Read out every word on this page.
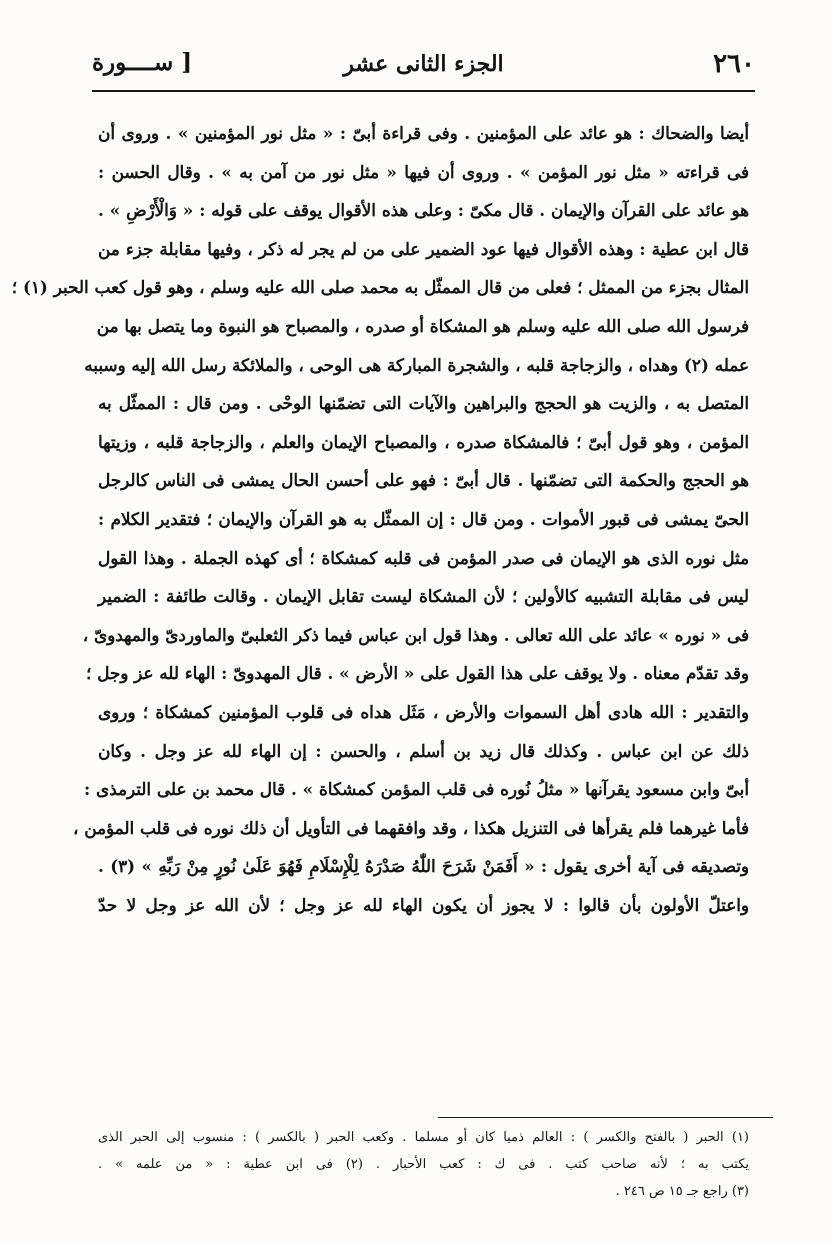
٢٦٠
الجزء الثانى عشر
[ ســــورة
أيضا والضحاك : هو عائد على المؤمنين . وفى قراءة أبىّ : « مثل نور المؤمنين » . وروى أن
فى قراءته « مثل نور المؤمن » . وروى أن فيها « مثل نور من آمن به » . وقال الحسن :
هو عائد على القرآن والإيمان . قال مكىّ : وعلى هذه الأقوال يوقف على قوله : « وَالْأَرْضِ » .
قال ابن عطية : وهذه الأقوال فيها عود الضمير على من لم يجر له ذكر ، وفيها مقابلة جزء من
المثال بجزء من الممثل ؛ فعلى من قال الممثّل به محمد صلى الله عليه وسلم ، وهو قول كعب الحبر (١) ؛
فرسول الله صلى الله عليه وسلم هو المشكاة أو صدره ، والمصباح هو النبوة وما يتصل بها من
عمله (٢) وهداه ، والزجاجة قلبه ، والشجرة المباركة هى الوحى ، والملائكة رسل الله إليه وسببه
المتصل به ، والزيت هو الحجج والبراهين والآيات التى تضمّنها الوحْى . ومن قال : الممثّل به
المؤمن ، وهو قول أبىّ ؛ فالمشكاة صدره ، والمصباح الإيمان والعلم ، والزجاجة قلبه ، وزيتها
هو الحجج والحكمة التى تضمّنها . قال أبىّ : فهو على أحسن الحال يمشى فى الناس كالرجل
الحىّ يمشى فى قبور الأموات . ومن قال : إن الممثّل به هو القرآن والإيمان ؛ فتقدير الكلام :
مثل نوره الذى هو الإيمان فى صدر المؤمن فى قلبه كمشكاة ؛ أى كهذه الجملة . وهذا القول
ليس فى مقابلة التشبيه كالأولين ؛ لأن المشكاة ليست تقابل الإيمان . وقالت طائفة : الضمير
فى « نوره » عائد على الله تعالى . وهذا قول ابن عباس فيما ذكر الثعلبىّ والماوردىّ والمهدوىّ ،
وقد تقدّم معناه . ولا يوقف على هذا القول على « الأرض » . قال المهدوىّ : الهاء لله عز وجل ؛
والتقدير : الله هادى أهل السموات والأرض ، مَثَل هداه فى قلوب المؤمنين كمشكاة ؛ وروى
ذلك عن ابن عباس . وكذلك قال زيد بن أسلم ، والحسن : إن الهاء لله عز وجل . وكان
أبىّ وابن مسعود يقرآنها « مثلُ نُوره فى قلب المؤمن كمشكاة » . قال محمد بن على الترمذى :
فأما غيرهما فلم يقرأها فى التنزيل هكذا ، وقد وافقهما فى التأويل أن ذلك نوره فى قلب المؤمن ،
وتصديقه فى آية أخرى يقول : « أَفَمَنْ شَرَحَ اللّٰهُ صَدْرَهُ لِلْإِسْلَامِ فَهُوَ عَلَىٰ نُورٍ مِنْ رَبِّهِ » (٣) .
واعتلّ الأولون بأن قالوا : لا يجوز أن يكون الهاء لله عز وجل ؛ لأن الله عز وجل لا حدّ
(١) الحبر ( بالفتح والكسر ) : العالم ذميا كان أو مسلما . وكعب الحبر ( بالكسر ) : منسوب إلى الحبر الذى
يكتب به ؛ لأنه صاحب كتب . فى ك : كعب الأحبار . (٢) فى ابن عطية : « من علمه » .
(٣) راجع جـ ١٥ ص ٢٤٦ .
